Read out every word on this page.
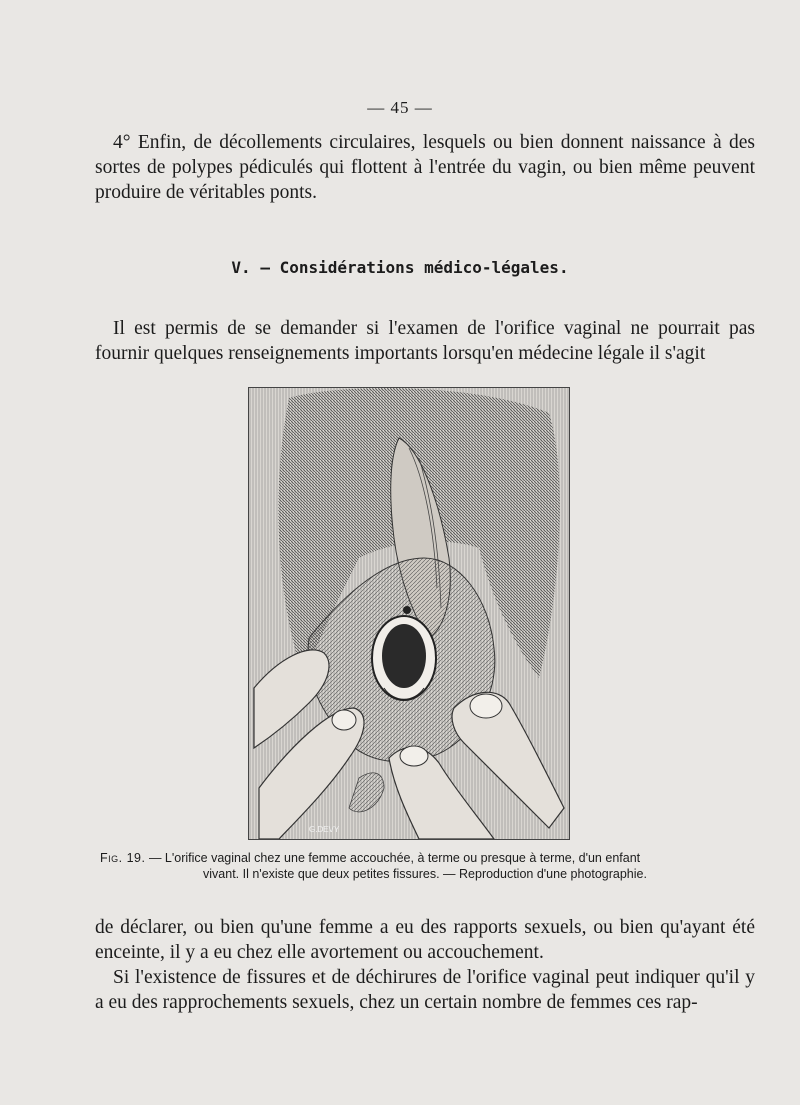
— 45 —

4° Enfin, de décollements circulaires, lesquels ou bien donnent naissance à des sortes de polypes pédiculés qui flottent à l'entrée du vagin, ou bien même peuvent produire de véritables ponts.

V. — Considérations médico-légales.

Il est permis de se demander si l'examen de l'orifice vaginal ne pourrait pas fournir quelques renseignements importants lorsqu'en médecine légale il s'agit

G.DEVY
Fig. 19. — L'orifice vaginal chez une femme accouchée, à terme ou presque à terme, d'un enfant
vivant. Il n'existe que deux petites fissures. — Reproduction d'une photographie.

de déclarer, ou bien qu'une femme a eu des rapports sexuels, ou bien qu'ayant été enceinte, il y a eu chez elle avortement ou accouchement.

Si l'existence de fissures et de déchirures de l'orifice vaginal peut indiquer qu'il y a eu des rapprochements sexuels, chez un certain nombre de femmes ces rap-
